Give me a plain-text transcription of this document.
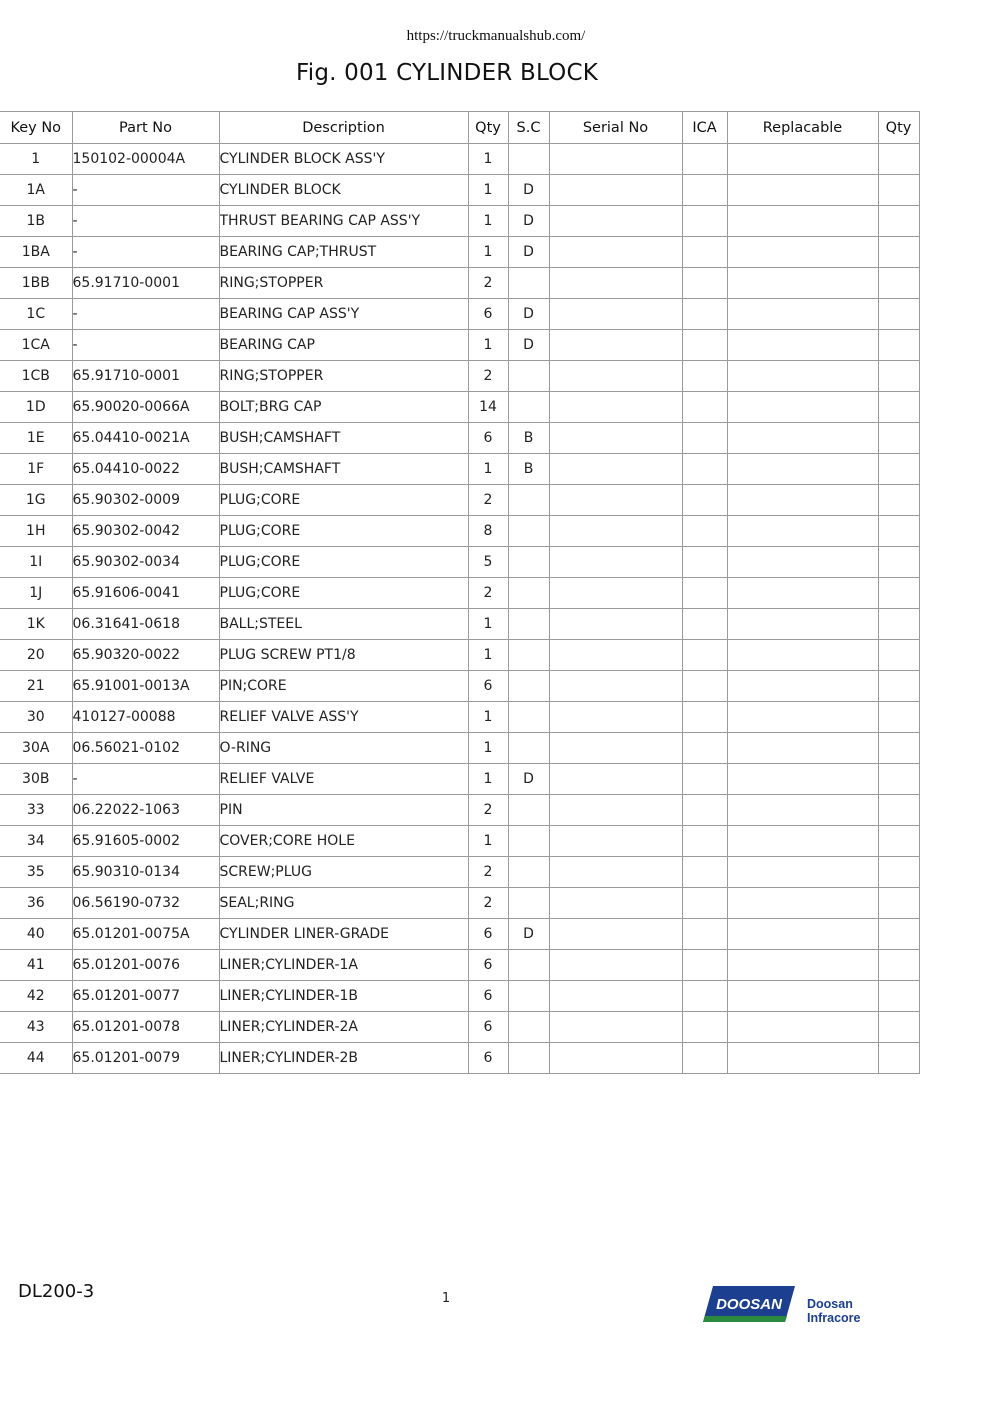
https://truckmanualshub.com/
Fig. 001 CYLINDER BLOCK
Key No	Part No	Description	Qty	S.C	Serial No	ICA	Replacable	Qty
1	150102-00004A	CYLINDER BLOCK ASS'Y	1					
1A	-	CYLINDER BLOCK	1	D				
1B	-	THRUST BEARING CAP ASS'Y	1	D				
1BA	-	BEARING CAP;THRUST	1	D				
1BB	65.91710-0001	RING;STOPPER	2					
1C	-	BEARING CAP ASS'Y	6	D				
1CA	-	BEARING CAP	1	D				
1CB	65.91710-0001	RING;STOPPER	2					
1D	65.90020-0066A	BOLT;BRG CAP	14					
1E	65.04410-0021A	BUSH;CAMSHAFT	6	B				
1F	65.04410-0022	BUSH;CAMSHAFT	1	B				
1G	65.90302-0009	PLUG;CORE	2					
1H	65.90302-0042	PLUG;CORE	8					
1I	65.90302-0034	PLUG;CORE	5					
1J	65.91606-0041	PLUG;CORE	2					
1K	06.31641-0618	BALL;STEEL	1					
20	65.90320-0022	PLUG SCREW PT1/8	1					
21	65.91001-0013A	PIN;CORE	6					
30	410127-00088	RELIEF VALVE ASS'Y	1					
30A	06.56021-0102	O-RING	1					
30B	-	RELIEF VALVE	1	D				
33	06.22022-1063	PIN	2					
34	65.91605-0002	COVER;CORE HOLE	1					
35	65.90310-0134	SCREW;PLUG	2					
36	06.56190-0732	SEAL;RING	2					
40	65.01201-0075A	CYLINDER LINER-GRADE	6	D				
41	65.01201-0076	LINER;CYLINDER-1A	6					
42	65.01201-0077	LINER;CYLINDER-1B	6					
43	65.01201-0078	LINER;CYLINDER-2A	6					
44	65.01201-0079	LINER;CYLINDER-2B	6					
DL200-3	1	DOOSAN Doosan Infracore
